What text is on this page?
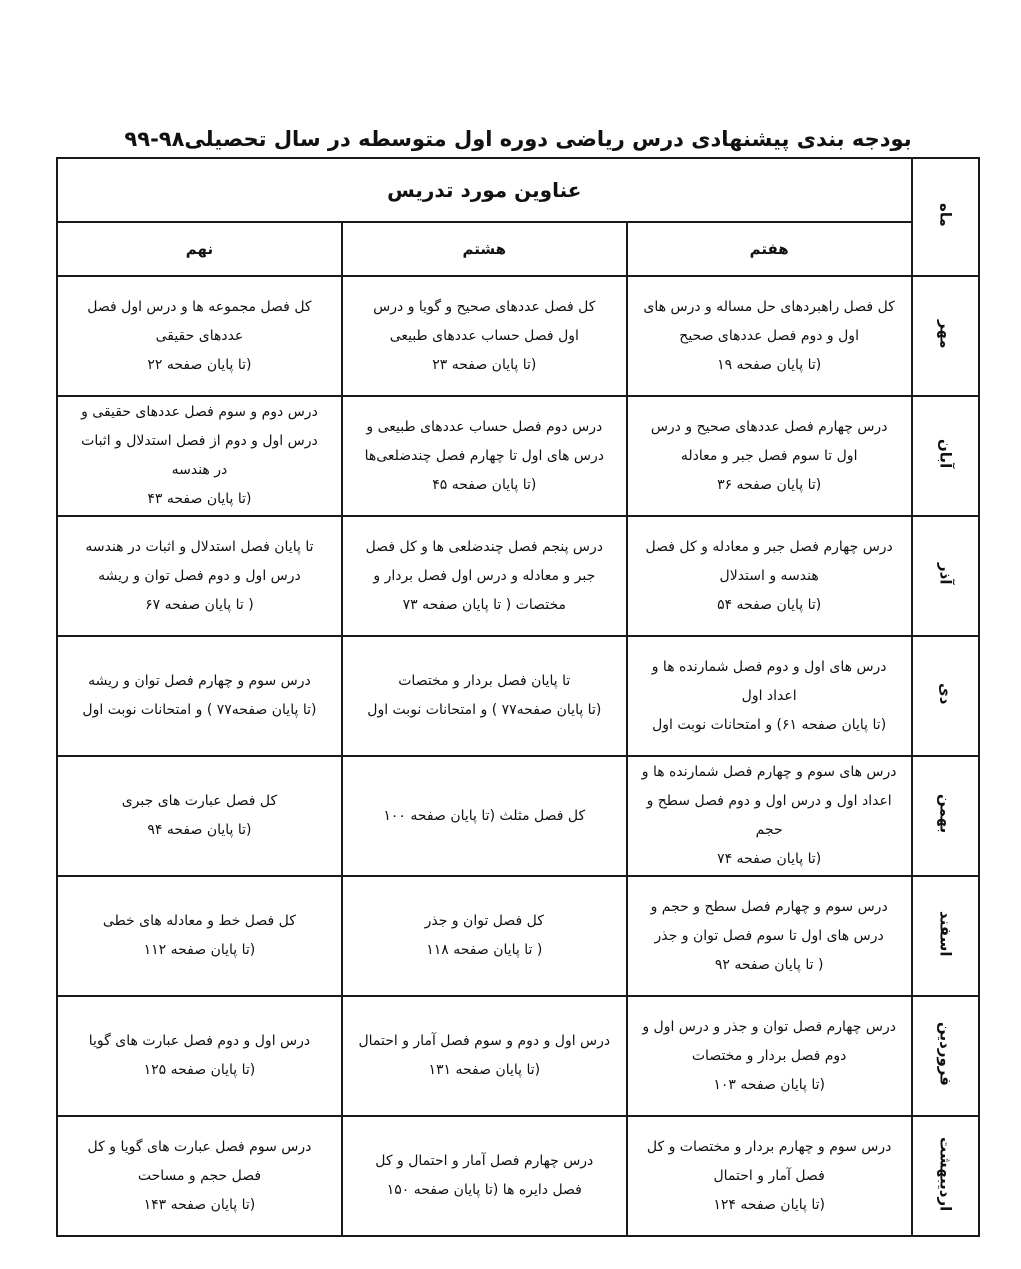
بودجه بندی پیشنهادی درس ریاضی دوره اول متوسطه در سال تحصیلی۹۸-۹۹
ماه	عناوین مورد تدریس		
	هفتم	هشتم	نهم
مهر	کل فصل راهبردهای حل مساله و درس های
اول و دوم فصل عددهای صحیح
(تا پایان صفحه ۱۹	کل فصل عددهای صحیح و گویا و درس
اول فصل حساب عددهای طبیعی
(تا پایان صفحه ۲۳	کل فصل مجموعه ها و درس اول فصل
عددهای حقیقی
(تا پایان صفحه ۲۲

آبان	درس چهارم فصل عددهای صحیح و درس
اول تا سوم فصل جبر و معادله
(تا پایان صفحه ۳۶	درس دوم فصل حساب عددهای طبیعی و
درس های اول تا چهارم فصل چندضلعی‌ها
(تا پایان صفحه ۴۵	درس دوم و سوم فصل عددهای حقیقی و
درس اول و دوم از فصل استدلال و اثبات
در هندسه
(تا پایان صفحه ۴۳

آذر	درس چهارم فصل جبر و معادله و کل فصل
هندسه و استدلال
(تا پایان صفحه ۵۴	درس پنجم فصل چندضلعی ها و کل فصل
جبر و معادله و درس اول فصل بردار و
مختصات ( تا پایان صفحه ۷۳	تا پایان فصل استدلال و اثبات در هندسه
درس اول و دوم فصل توان و ریشه
( تا پایان صفحه ۶۷

دی	درس های اول و دوم فصل شمارنده ها و
اعداد اول
(تا پایان صفحه ۶۱) و امتحانات نوبت اول	تا پایان فصل بردار و مختصات
(تا پایان صفحه۷۷ ) و امتحانات نوبت اول	درس سوم و چهارم فصل توان و ریشه
(تا پایان صفحه۷۷ ) و امتحانات نوبت اول

بهمن	درس های سوم و چهارم فصل شمارنده ها و
اعداد اول و درس اول و دوم فصل سطح و
حجم
(تا پایان صفحه ۷۴	کل فصل مثلث (تا پایان صفحه ۱۰۰	کل فصل عبارت های جبری
(تا پایان صفحه ۹۴

اسفند	درس سوم و چهارم فصل سطح و حجم و
درس های اول تا سوم فصل توان و جذر
( تا پایان صفحه ۹۲	کل فصل توان و جذر
( تا پایان صفحه ۱۱۸	کل فصل خط و معادله های خطی
(تا پایان صفحه ۱۱۲

فروردین	درس چهارم فصل توان و جذر و درس اول و
دوم فصل بردار و مختصات
(تا پایان صفحه ۱۰۳	درس اول و دوم و سوم فصل آمار و احتمال
(تا پایان صفحه ۱۳۱	درس اول و دوم فصل عبارت های گویا
(تا پایان صفحه ۱۲۵

اردیبهشت	درس سوم و چهارم بردار و مختصات و کل
فصل آمار و احتمال
(تا پایان صفحه ۱۲۴	درس چهارم فصل آمار و احتمال و کل
فصل دایره ها (تا پایان صفحه ۱۵۰	درس سوم فصل عبارت های گویا و کل
فصل حجم و مساحت
(تا پایان صفحه ۱۴۳
